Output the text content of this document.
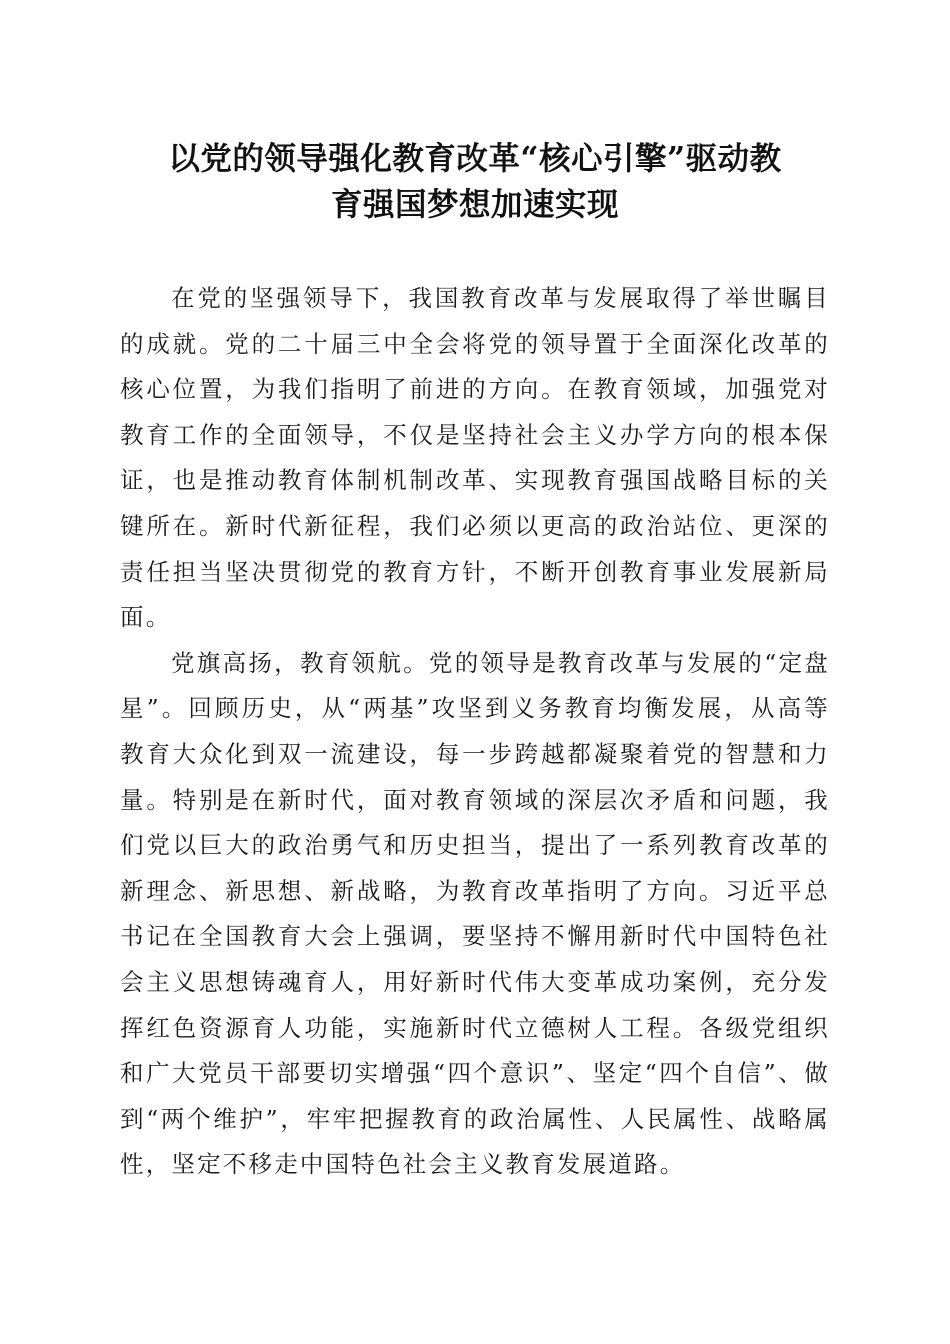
以党的领导强化教育改革“核心引擎”驱动教
育强国梦想加速实现

在党的坚强领导下，我国教育改革与发展取得了举世瞩目的成就。党的二十届三中全会将党的领导置于全面深化改革的核心位置，为我们指明了前进的方向。在教育领域，加强党对教育工作的全面领导，不仅是坚持社会主义办学方向的根本保证，也是推动教育体制机制改革、实现教育强国战略目标的关键所在。新时代新征程，我们必须以更高的政治站位、更深的责任担当坚决贯彻党的教育方针，不断开创教育事业发展新局面。

党旗高扬，教育领航。党的领导是教育改革与发展的“定盘星”。回顾历史，从“两基”攻坚到义务教育均衡发展，从高等教育大众化到双一流建设，每一步跨越都凝聚着党的智慧和力量。特别是在新时代，面对教育领域的深层次矛盾和问题，我们党以巨大的政治勇气和历史担当，提出了一系列教育改革的新理念、新思想、新战略，为教育改革指明了方向。习近平总书记在全国教育大会上强调，要坚持不懈用新时代中国特色社会主义思想铸魂育人，用好新时代伟大变革成功案例，充分发挥红色资源育人功能，实施新时代立德树人工程。各级党组织和广大党员干部要切实增强“四个意识”、坚定“四个自信”、做到“两个维护”，牢牢把握教育的政治属性、人民属性、战略属性，坚定不移走中国特色社会主义教育发展道路。
